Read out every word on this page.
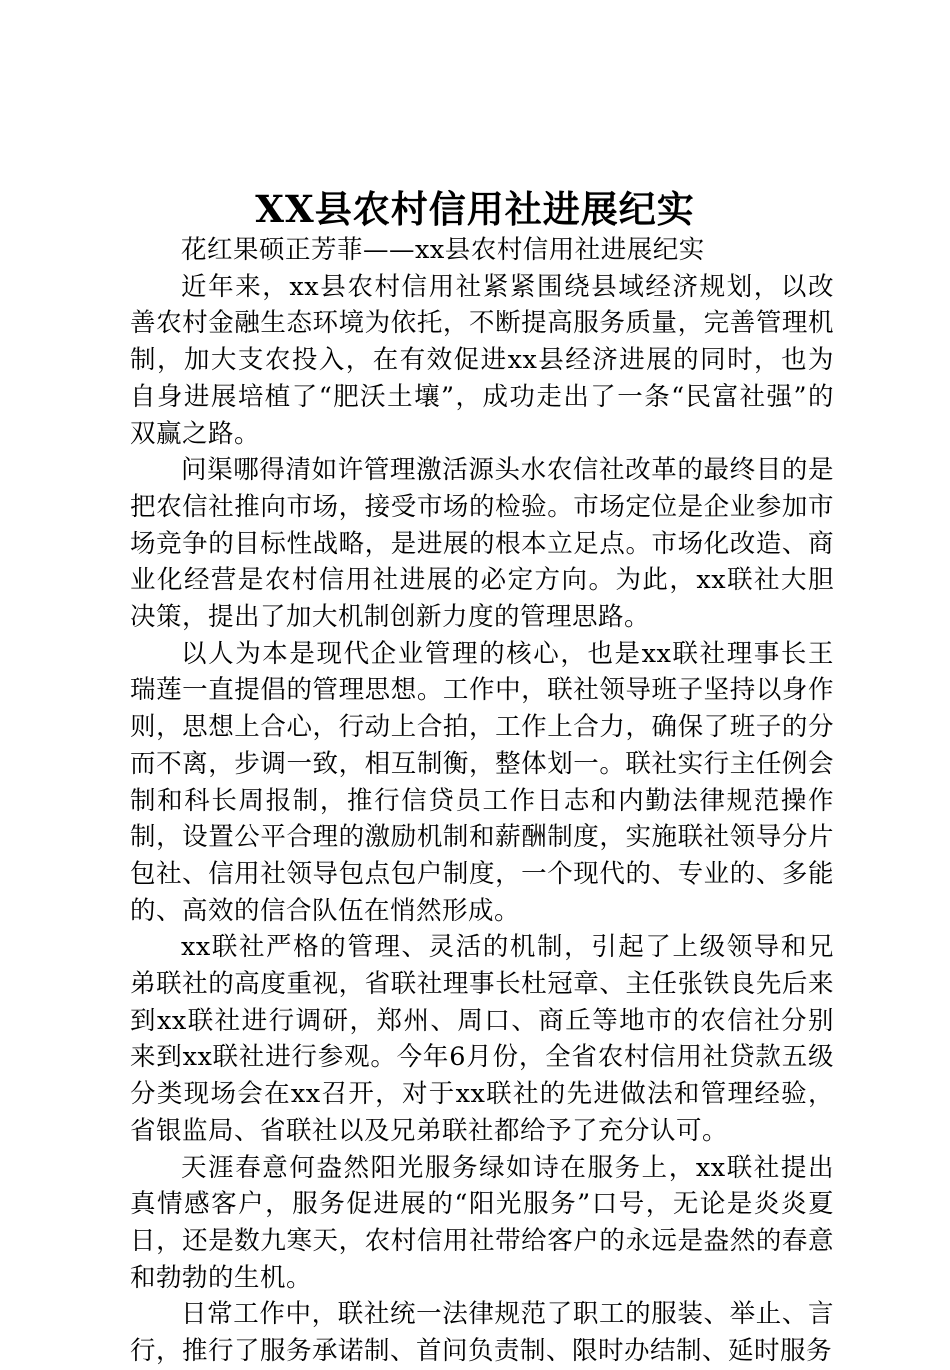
XX县农村信用社进展纪实

花红果硕正芳菲——xx县农村信用社进展纪实

近年来，xx县农村信用社紧紧围绕县域经济规划，以改善农村金融生态环境为依托，不断提高服务质量，完善管理机制，加大支农投入，在有效促进xx县经济进展的同时，也为自身进展培植了“肥沃土壤”，成功走出了一条“民富社强”的双赢之路。

问渠哪得清如许管理激活源头水农信社改革的最终目的是把农信社推向市场，接受市场的检验。市场定位是企业参加市场竞争的目标性战略，是进展的根本立足点。市场化改造、商业化经营是农村信用社进展的必定方向。为此，xx联社大胆决策，提出了加大机制创新力度的管理思路。

以人为本是现代企业管理的核心，也是xx联社理事长王瑞莲一直提倡的管理思想。工作中，联社领导班子坚持以身作则，思想上合心，行动上合拍，工作上合力，确保了班子的分而不离，步调一致，相互制衡，整体划一。联社实行主任例会制和科长周报制，推行信贷员工作日志和内勤法律规范操作制，设置公平合理的激励机制和薪酬制度，实施联社领导分片包社、信用社领导包点包户制度，一个现代的、专业的、多能的、高效的信合队伍在悄然形成。

xx联社严格的管理、灵活的机制，引起了上级领导和兄弟联社的高度重视，省联社理事长杜冠章、主任张铁良先后来到xx联社进行调研，郑州、周口、商丘等地市的农信社分别来到xx联社进行参观。今年6月份，全省农村信用社贷款五级分类现场会在xx召开，对于xx联社的先进做法和管理经验，省银监局、省联社以及兄弟联社都给予了充分认可。

天涯春意何盎然阳光服务绿如诗在服务上，xx联社提出真情感客户，服务促进展的“阳光服务”口号，无论是炎炎夏日，还是数九寒天，农村信用社带给客户的永远是盎然的春意和勃勃的生机。

日常工作中，联社统一法律规范了职工的服装、举止、言行，推行了服务承诺制、首问负责制、限时办结制、延时服务
